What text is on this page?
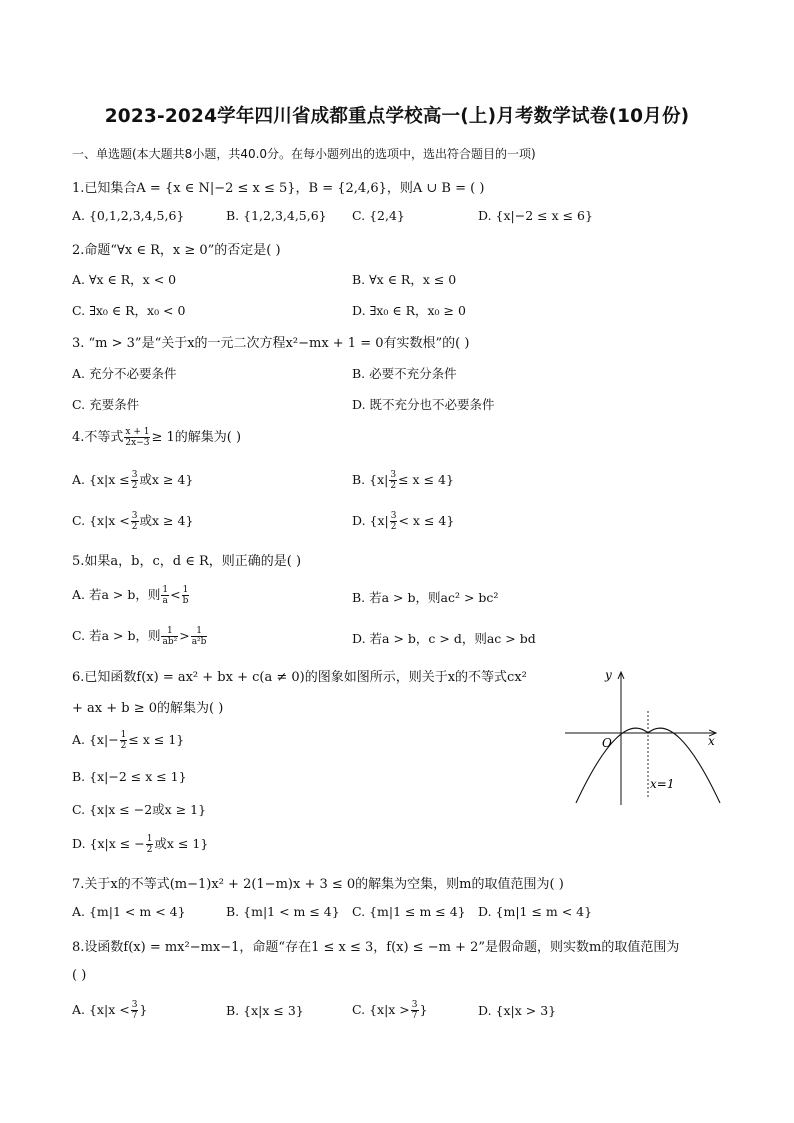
2023-2024学年四川省成都重点学校高一(上)月考数学试卷(10月份)
一、单选题(本大题共8小题，共40.0分。在每小题列出的选项中，选出符合题目的一项)
1.已知集合A = {x ∈ N|−2 ≤ x ≤ 5}，B = {2,4,6}，则A ∪ B = ( )
A. {0,1,2,3,4,5,6}	B. {1,2,3,4,5,6} C. {2,4}	D. {x|−2 ≤ x ≤ 6}
2.命题“∀x ∈ R，x ≥ 0”的否定是( )
A. ∀x ∈ R，x < 0	B. ∀x ∈ R，x ≤ 0
C. ∃x₀ ∈ R，x₀ < 0	D. ∃x₀ ∈ R，x₀ ≥ 0
3. “m > 3”是“关于x的一元二次方程x²−mx + 1 = 0有实数根”的( )
A. 充分不必要条件	B. 必要不充分条件
C. 充要条件	D. 既不充分也不必要条件
4.不等式 $\frac{x + 1}{2x-3} \ge 1$的解集为( )
A. {$x|x \le \frac{3}{2}$ 或x ≥ 4}	B. $\{x| \frac{3}{2} \le x \le 4\}$
C. {$x|x < \frac{3}{2}$ 或x ≥ 4}	D. $\{x| \frac{3}{2} < x \le 4\}$
5.如果a，b，c，d ∈ R，则正确的是( )
A. 若a > b，则 $\frac{1}{a} < \frac{1}{b}$	B. 若a > b，则ac² > bc²
C. 若a > b，则 $\frac{1}{\text{ab²}} > \frac{1}{\text{a²b}}$	D. 若a > b，c > d，则ac > bd
6.已知函数f(x) = ax² + bx + c(a ≠ 0)的图象如图所示，则关于x的不等式cx²
+ ax + b ≥ 0的解集为( )
A. $\{x|- \frac{1}{2} \le x \le 1\}$
B. {x|−2 ≤ x ≤ 1}
C. {x|x ≤ −2或x ≥ 1}
D. {x|x ≤ − $\frac{1}{2}$ 或x ≤ 1}
y
x
O
x=1
7.关于x的不等式(m−1)x² + 2(1−m)x + 3 ≤ 0的解集为空集，则m的取值范围为( )
A. {m|1 < m < 4}	B. {m|1 < m ≤ 4} C. {m|1 ≤ m ≤ 4} D. {m|1 ≤ m < 4}
8.设函数f(x) = mx²−mx−1，命题“存在1 ≤ x ≤ 3，f(x) ≤ −m + 2”是假命题，则实数m的取值范围为
( )
A. {$x|x < \frac{3}{7}$ }	B. {x|x ≤ 3}	C. {$x|x > \frac{3}{7}$ }	D. {x|x > 3}
